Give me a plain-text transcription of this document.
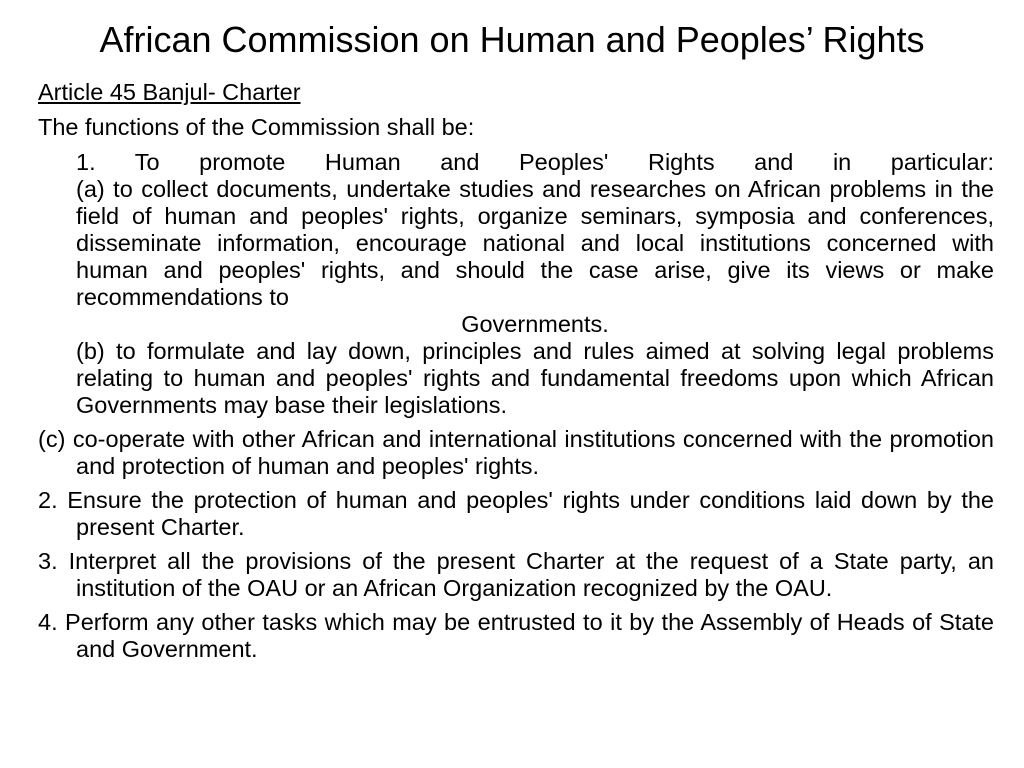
African Commission on Human and Peoples’ Rights

Article 45 Banjul- Charter

The functions of the Commission shall be:

1. To promote Human and Peoples' Rights and in particular:

(a) to collect documents, undertake studies and researches on African problems in the field of human and peoples' rights, organize seminars, symposia and conferences, disseminate information, encourage national and local institutions concerned with human and peoples' rights, and should the case arise, give its views or make recommendations to
Governments.

(b) to formulate and lay down, principles and rules aimed at solving legal problems relating to human and peoples' rights and fundamental freedoms upon which African Governments may base their legislations.

(c) co-operate with other African and international institutions concerned with the promotion and protection of human and peoples' rights.

2. Ensure the protection of human and peoples' rights under conditions laid down by the present Charter.

3. Interpret all the provisions of the present Charter at the request of a State party, an institution of the OAU or an African Organization recognized by the OAU.

4. Perform any other tasks which may be entrusted to it by the Assembly of Heads of State and Government.
